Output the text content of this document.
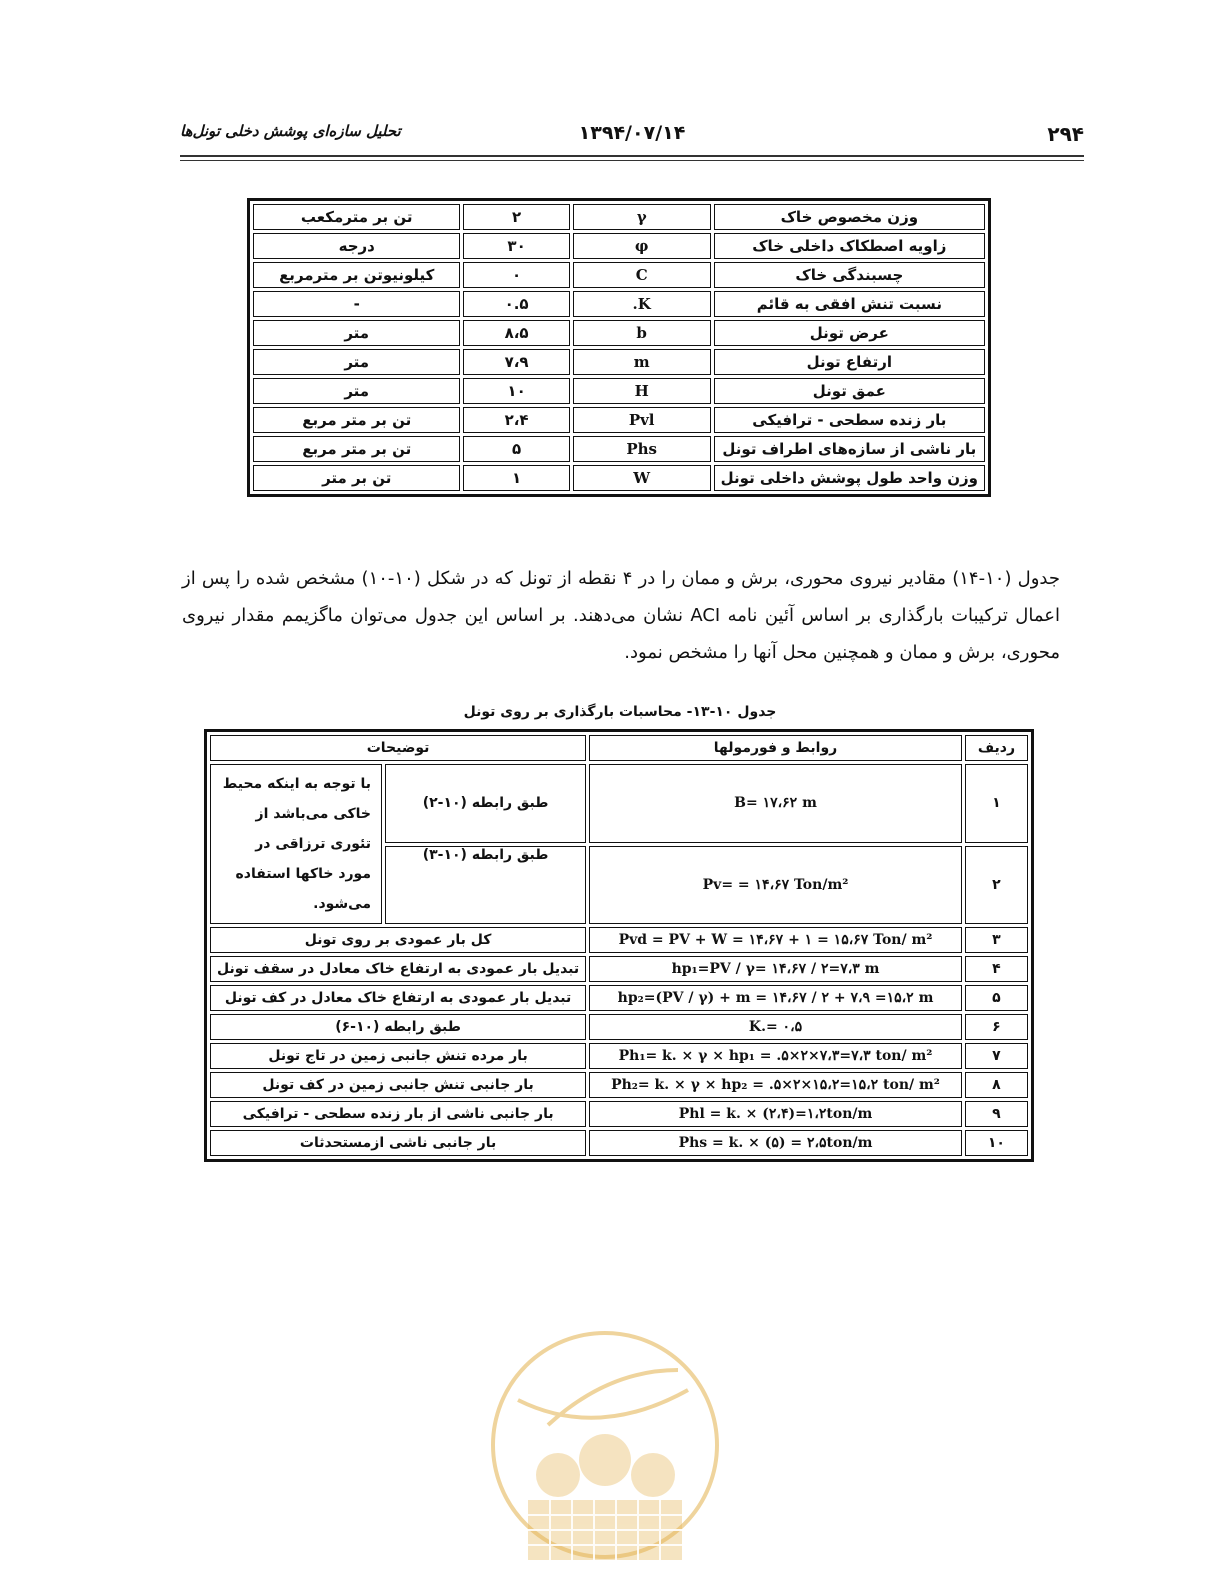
۲۹۴
۱۳۹۴/۰۷/۱۴
تحلیل سازه‌ای پوشش دخلی تونل‌ها
وزن مخصوص خاک	γ	۲	تن بر مترمکعب
زاویه اصطکاک داخلی خاک	φ	۳۰	درجه
چسبندگی خاک	C	۰	کیلونیوتن بر مترمربع
نسبت تنش افقی به قائم	K.	۰.۵	-
عرض تونل	b	۸،۵	متر
ارتفاع تونل	m	۷،۹	متر
عمق تونل	H	۱۰	متر
بار زنده سطحی - ترافیکی	Pvl	۲،۴	تن بر متر مربع
بار ناشی از سازه‌های اطراف تونل	Phs	۵	تن بر متر مربع
وزن واحد طول پوشش داخلی تونل	W	۱	تن بر متر
جدول (۱۰-۱۴) مقادیر نیروی محوری، برش و ممان را در ۴ نقطه از تونل که در شکل (۱۰-۱۰) مشخص شده را پس از اعمال ترکیبات بارگذاری بر اساس آئین نامه ACI نشان می‌دهند. بر اساس این جدول می‌توان ماگزیمم مقدار نیروی محوری، برش و ممان و همچنین محل آنها را مشخص نمود.
جدول ۱۰-۱۳- محاسبات بارگذاری بر روی تونل
ردیف	روابط و فورمولها	توضیحات	
۱	B= ۱۷،۶۲ m	طبق رابطه (۱۰-۲)	با توجه به اینکه محیط خاکی می‌باشد از تئوری ترزاقی در مورد خاکها استفاده می‌شود.
۲	Pv= = ۱۴،۶۷ Ton/m²	طبق رابطه (۱۰-۳)	
۳	Pvd = PV + W = ۱۴،۶۷ + ۱ = ۱۵،۶۷ Ton/ m²	کل بار عمودی بر روی تونل	
۴	hp₁=PV / γ= ۱۴،۶۷ / ۲=۷،۳ m	تبدیل بار عمودی به ارتفاع خاک معادل در سقف تونل	
۵	hp₂=(PV / γ) + m = ۱۴،۶۷ / ۲ + ۷،۹ =۱۵،۲ m	تبدیل بار عمودی به ارتفاع خاک معادل در کف تونل	
۶	K.= ۰،۵	طبق رابطه (۱۰-۶)	
۷	Ph₁= k. × γ × hp₁ = .۵×۲×۷،۳=۷،۳ ton/ m²	بار مرده تنش جانبی زمین در تاج تونل	
۸	Ph₂= k. × γ × hp₂ = .۵×۲×۱۵،۲=۱۵،۲ ton/ m²	بار جانبی تنش جانبی زمین در کف تونل	
۹	Phl = k. × (۲،۴)=۱،۲ton/m	بار جانبی ناشی از بار زنده سطحی - ترافیکی	
۱۰	Phs = k. × (۵) = ۲،۵ton/m	بار جانبی ناشی ازمستحدثات	
